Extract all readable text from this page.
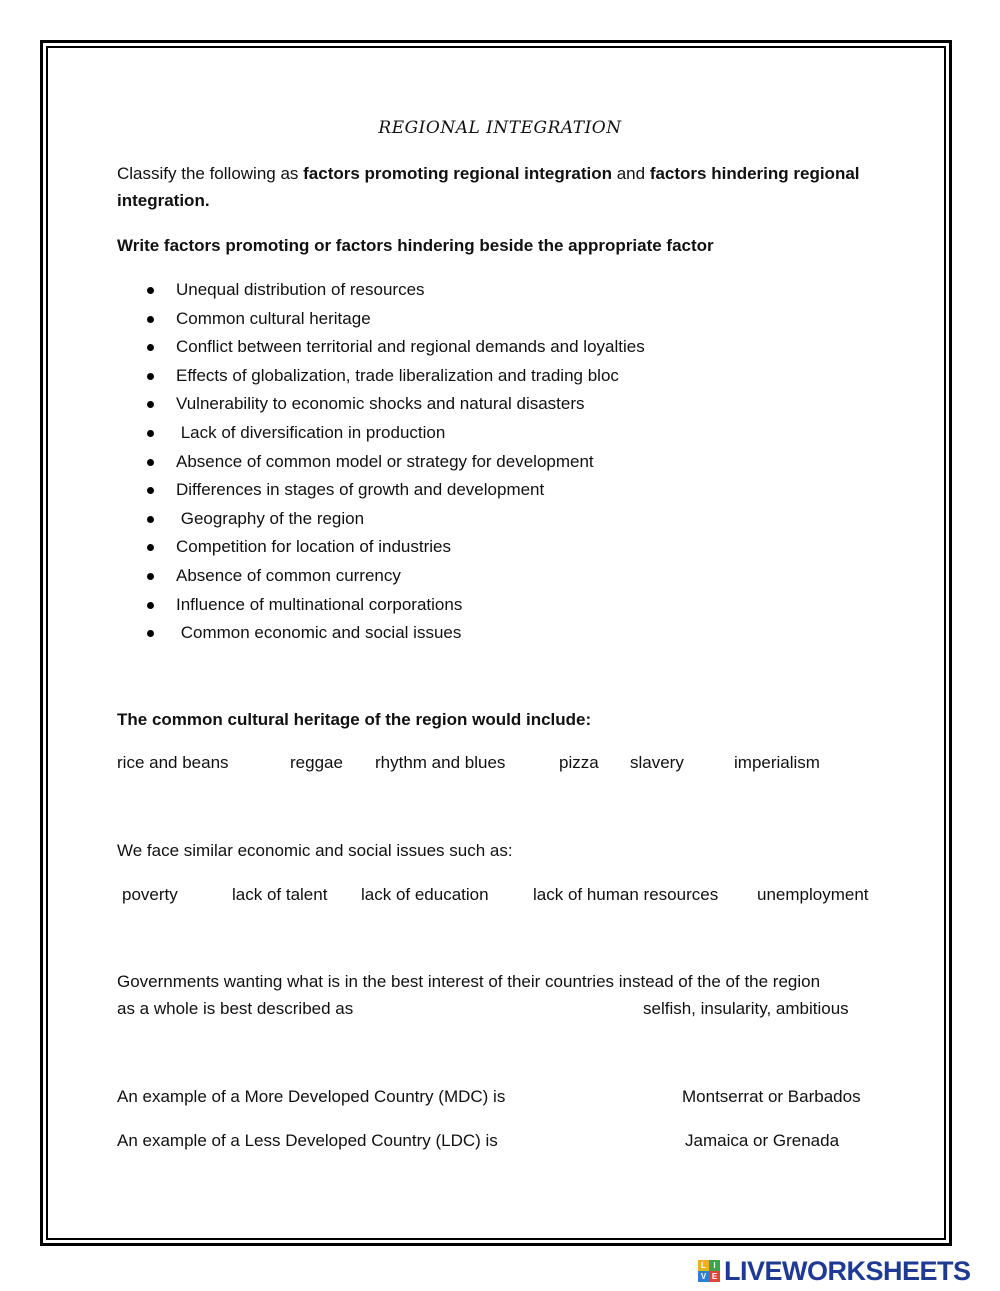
REGIONAL INTEGRATION
Classify the following as factors promoting regional integration and factors hindering regional integration.
Write factors promoting or factors hindering beside the appropriate factor
Unequal distribution of resources
Common cultural heritage
Conflict between territorial and regional demands and loyalties
Effects of globalization, trade liberalization and trading bloc
Vulnerability to economic shocks and natural disasters
Lack of diversification in production
Absence of common model or strategy for development
Differences in stages of growth and development
Geography of the region
Competition for location of industries
Absence of common currency
Influence of multinational corporations
Common economic and social issues
The common cultural heritage of the region would include:
rice and beans	reggae rhythm and blues	pizza slavery	imperialism
We face similar economic and social issues such as:
poverty	lack of talent lack of education	lack of human resources unemployment
Governments wanting what is in the best interest of their countries instead of the of the region
as a whole is best described as	selfish, insularity, ambitious
An example of a More Developed Country (MDC) is	Montserrat or Barbados
An example of a Less Developed Country (LDC) is	Jamaica or Grenada
L I
V E LIVEWORKSHEETS
